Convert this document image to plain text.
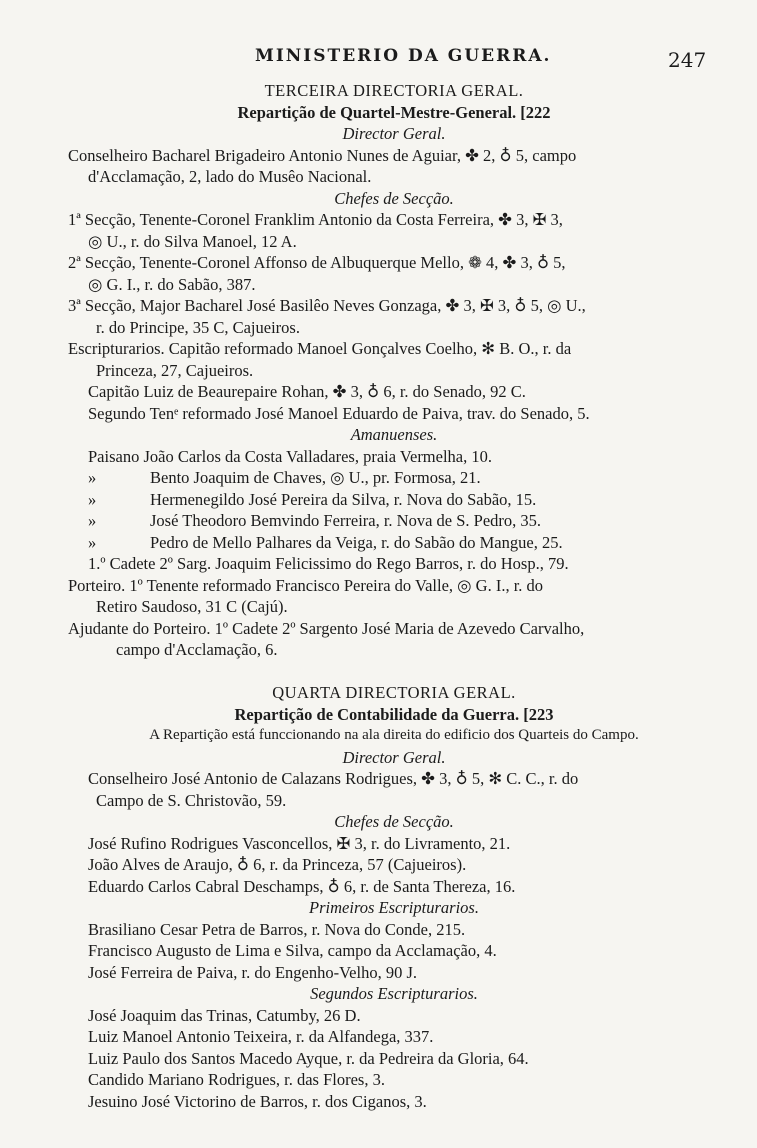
MINISTERIO DA GUERRA.	247
TERCEIRA DIRECTORIA GERAL.
Repartição de Quartel-Mestre-General. [222
Director Geral.
Conselheiro Bacharel Brigadeiro Antonio Nunes de Aguiar, ✤ 2, ♁ 5, campo
d'Acclamação, 2, lado do Musêo Nacional.
Chefes de Secção.
1ª Secção, Tenente-Coronel Franklim Antonio da Costa Ferreira, ✤ 3, ✠ 3,
◎ U., r. do Silva Manoel, 12 A.
2ª Secção, Tenente-Coronel Affonso de Albuquerque Mello, ❁ 4, ✤ 3, ♁ 5,
◎ G. I., r. do Sabão, 387.
3ª Secção, Major Bacharel José Basilêo Neves Gonzaga, ✤ 3, ✠ 3, ♁ 5, ◎ U.,
r. do Principe, 35 C, Cajueiros.
Escripturarios. Capitão reformado Manoel Gonçalves Coelho, ✻ B. O., r. da
Princeza, 27, Cajueiros.
Capitão Luiz de Beaurepaire Rohan, ✤ 3, ♁ 6, r. do Senado, 92 C.
Segundo Tenᵉ reformado José Manoel Eduardo de Paiva, trav. do Senado, 5.
Amanuenses.
Paisano João Carlos da Costa Valladares, praia Vermelha, 10.
»	Bento Joaquim de Chaves, ◎ U., pr. Formosa, 21.
»	Hermenegildo José Pereira da Silva, r. Nova do Sabão, 15.
»	José Theodoro Bemvindo Ferreira, r. Nova de S. Pedro, 35.
»	Pedro de Mello Palhares da Veiga, r. do Sabão do Mangue, 25.
1.º Cadete 2º Sarg. Joaquim Felicissimo do Rego Barros, r. do Hosp., 79.
Porteiro. 1º Tenente reformado Francisco Pereira do Valle, ◎ G. I., r. do
Retiro Saudoso, 31 C (Cajú).
Ajudante do Porteiro. 1º Cadete 2º Sargento José Maria de Azevedo Carvalho,
campo d'Acclamação, 6.
QUARTA DIRECTORIA GERAL.
Repartição de Contabilidade da Guerra. [223
A Repartição está funccionando na ala direita do edificio dos Quarteis do Campo.
Director Geral.
Conselheiro José Antonio de Calazans Rodrigues, ✤ 3, ♁ 5, ✻ C. C., r. do
Campo de S. Christovão, 59.
Chefes de Secção.
José Rufino Rodrigues Vasconcellos, ✠ 3, r. do Livramento, 21.
João Alves de Araujo, ♁ 6, r. da Princeza, 57 (Cajueiros).
Eduardo Carlos Cabral Deschamps, ♁ 6, r. de Santa Thereza, 16.
Primeiros Escripturarios.
Brasiliano Cesar Petra de Barros, r. Nova do Conde, 215.
Francisco Augusto de Lima e Silva, campo da Acclamação, 4.
José Ferreira de Paiva, r. do Engenho-Velho, 90 J.
Segundos Escripturarios.
José Joaquim das Trinas, Catumby, 26 D.
Luiz Manoel Antonio Teixeira, r. da Alfandega, 337.
Luiz Paulo dos Santos Macedo Ayque, r. da Pedreira da Gloria, 64.
Candido Mariano Rodrigues, r. das Flores, 3.
Jesuino José Victorino de Barros, r. dos Ciganos, 3.
